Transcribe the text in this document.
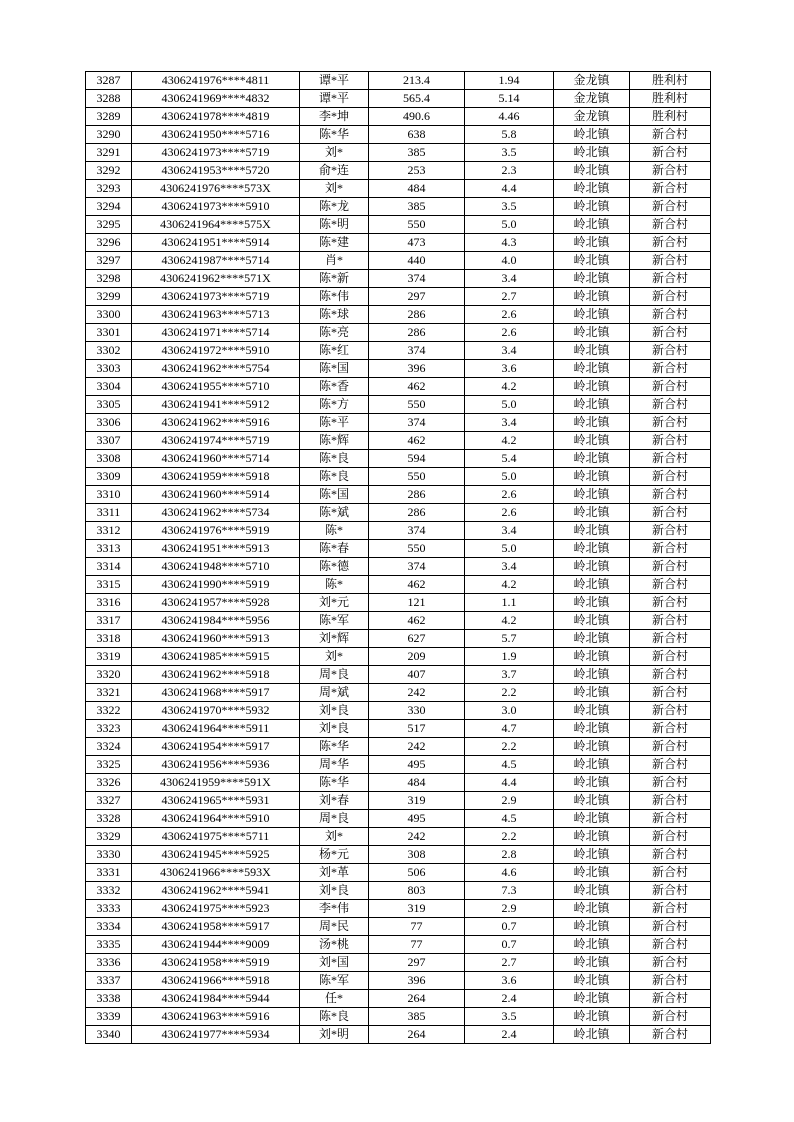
3287	4306241976****4811	谭*平	213.4	1.94	金龙镇	胜利村
3288	4306241969****4832	谭*平	565.4	5.14	金龙镇	胜利村
3289	4306241978****4819	李*坤	490.6	4.46	金龙镇	胜利村
3290	4306241950****5716	陈*华	638	5.8	岭北镇	新合村
3291	4306241973****5719	刘*	385	3.5	岭北镇	新合村
3292	4306241953****5720	俞*连	253	2.3	岭北镇	新合村
3293	4306241976****573X	刘*	484	4.4	岭北镇	新合村
3294	4306241973****5910	陈*龙	385	3.5	岭北镇	新合村
3295	4306241964****575X	陈*明	550	5.0	岭北镇	新合村
3296	4306241951****5914	陈*建	473	4.3	岭北镇	新合村
3297	4306241987****5714	肖*	440	4.0	岭北镇	新合村
3298	4306241962****571X	陈*新	374	3.4	岭北镇	新合村
3299	4306241973****5719	陈*伟	297	2.7	岭北镇	新合村
3300	4306241963****5713	陈*球	286	2.6	岭北镇	新合村
3301	4306241971****5714	陈*亮	286	2.6	岭北镇	新合村
3302	4306241972****5910	陈*红	374	3.4	岭北镇	新合村
3303	4306241962****5754	陈*国	396	3.6	岭北镇	新合村
3304	4306241955****5710	陈*香	462	4.2	岭北镇	新合村
3305	4306241941****5912	陈*方	550	5.0	岭北镇	新合村
3306	4306241962****5916	陈*平	374	3.4	岭北镇	新合村
3307	4306241974****5719	陈*辉	462	4.2	岭北镇	新合村
3308	4306241960****5714	陈*良	594	5.4	岭北镇	新合村
3309	4306241959****5918	陈*良	550	5.0	岭北镇	新合村
3310	4306241960****5914	陈*国	286	2.6	岭北镇	新合村
3311	4306241962****5734	陈*斌	286	2.6	岭北镇	新合村
3312	4306241976****5919	陈*	374	3.4	岭北镇	新合村
3313	4306241951****5913	陈*春	550	5.0	岭北镇	新合村
3314	4306241948****5710	陈*德	374	3.4	岭北镇	新合村
3315	4306241990****5919	陈*	462	4.2	岭北镇	新合村
3316	4306241957****5928	刘*元	121	1.1	岭北镇	新合村
3317	4306241984****5956	陈*军	462	4.2	岭北镇	新合村
3318	4306241960****5913	刘*辉	627	5.7	岭北镇	新合村
3319	4306241985****5915	刘*	209	1.9	岭北镇	新合村
3320	4306241962****5918	周*良	407	3.7	岭北镇	新合村
3321	4306241968****5917	周*斌	242	2.2	岭北镇	新合村
3322	4306241970****5932	刘*良	330	3.0	岭北镇	新合村
3323	4306241964****5911	刘*良	517	4.7	岭北镇	新合村
3324	4306241954****5917	陈*华	242	2.2	岭北镇	新合村
3325	4306241956****5936	周*华	495	4.5	岭北镇	新合村
3326	4306241959****591X	陈*华	484	4.4	岭北镇	新合村
3327	4306241965****5931	刘*春	319	2.9	岭北镇	新合村
3328	4306241964****5910	周*良	495	4.5	岭北镇	新合村
3329	4306241975****5711	刘*	242	2.2	岭北镇	新合村
3330	4306241945****5925	杨*元	308	2.8	岭北镇	新合村
3331	4306241966****593X	刘*革	506	4.6	岭北镇	新合村
3332	4306241962****5941	刘*良	803	7.3	岭北镇	新合村
3333	4306241975****5923	李*伟	319	2.9	岭北镇	新合村
3334	4306241958****5917	周*民	77	0.7	岭北镇	新合村
3335	4306241944****9009	汤*桃	77	0.7	岭北镇	新合村
3336	4306241958****5919	刘*国	297	2.7	岭北镇	新合村
3337	4306241966****5918	陈*军	396	3.6	岭北镇	新合村
3338	4306241984****5944	任*	264	2.4	岭北镇	新合村
3339	4306241963****5916	陈*良	385	3.5	岭北镇	新合村
3340	4306241977****5934	刘*明	264	2.4	岭北镇	新合村
